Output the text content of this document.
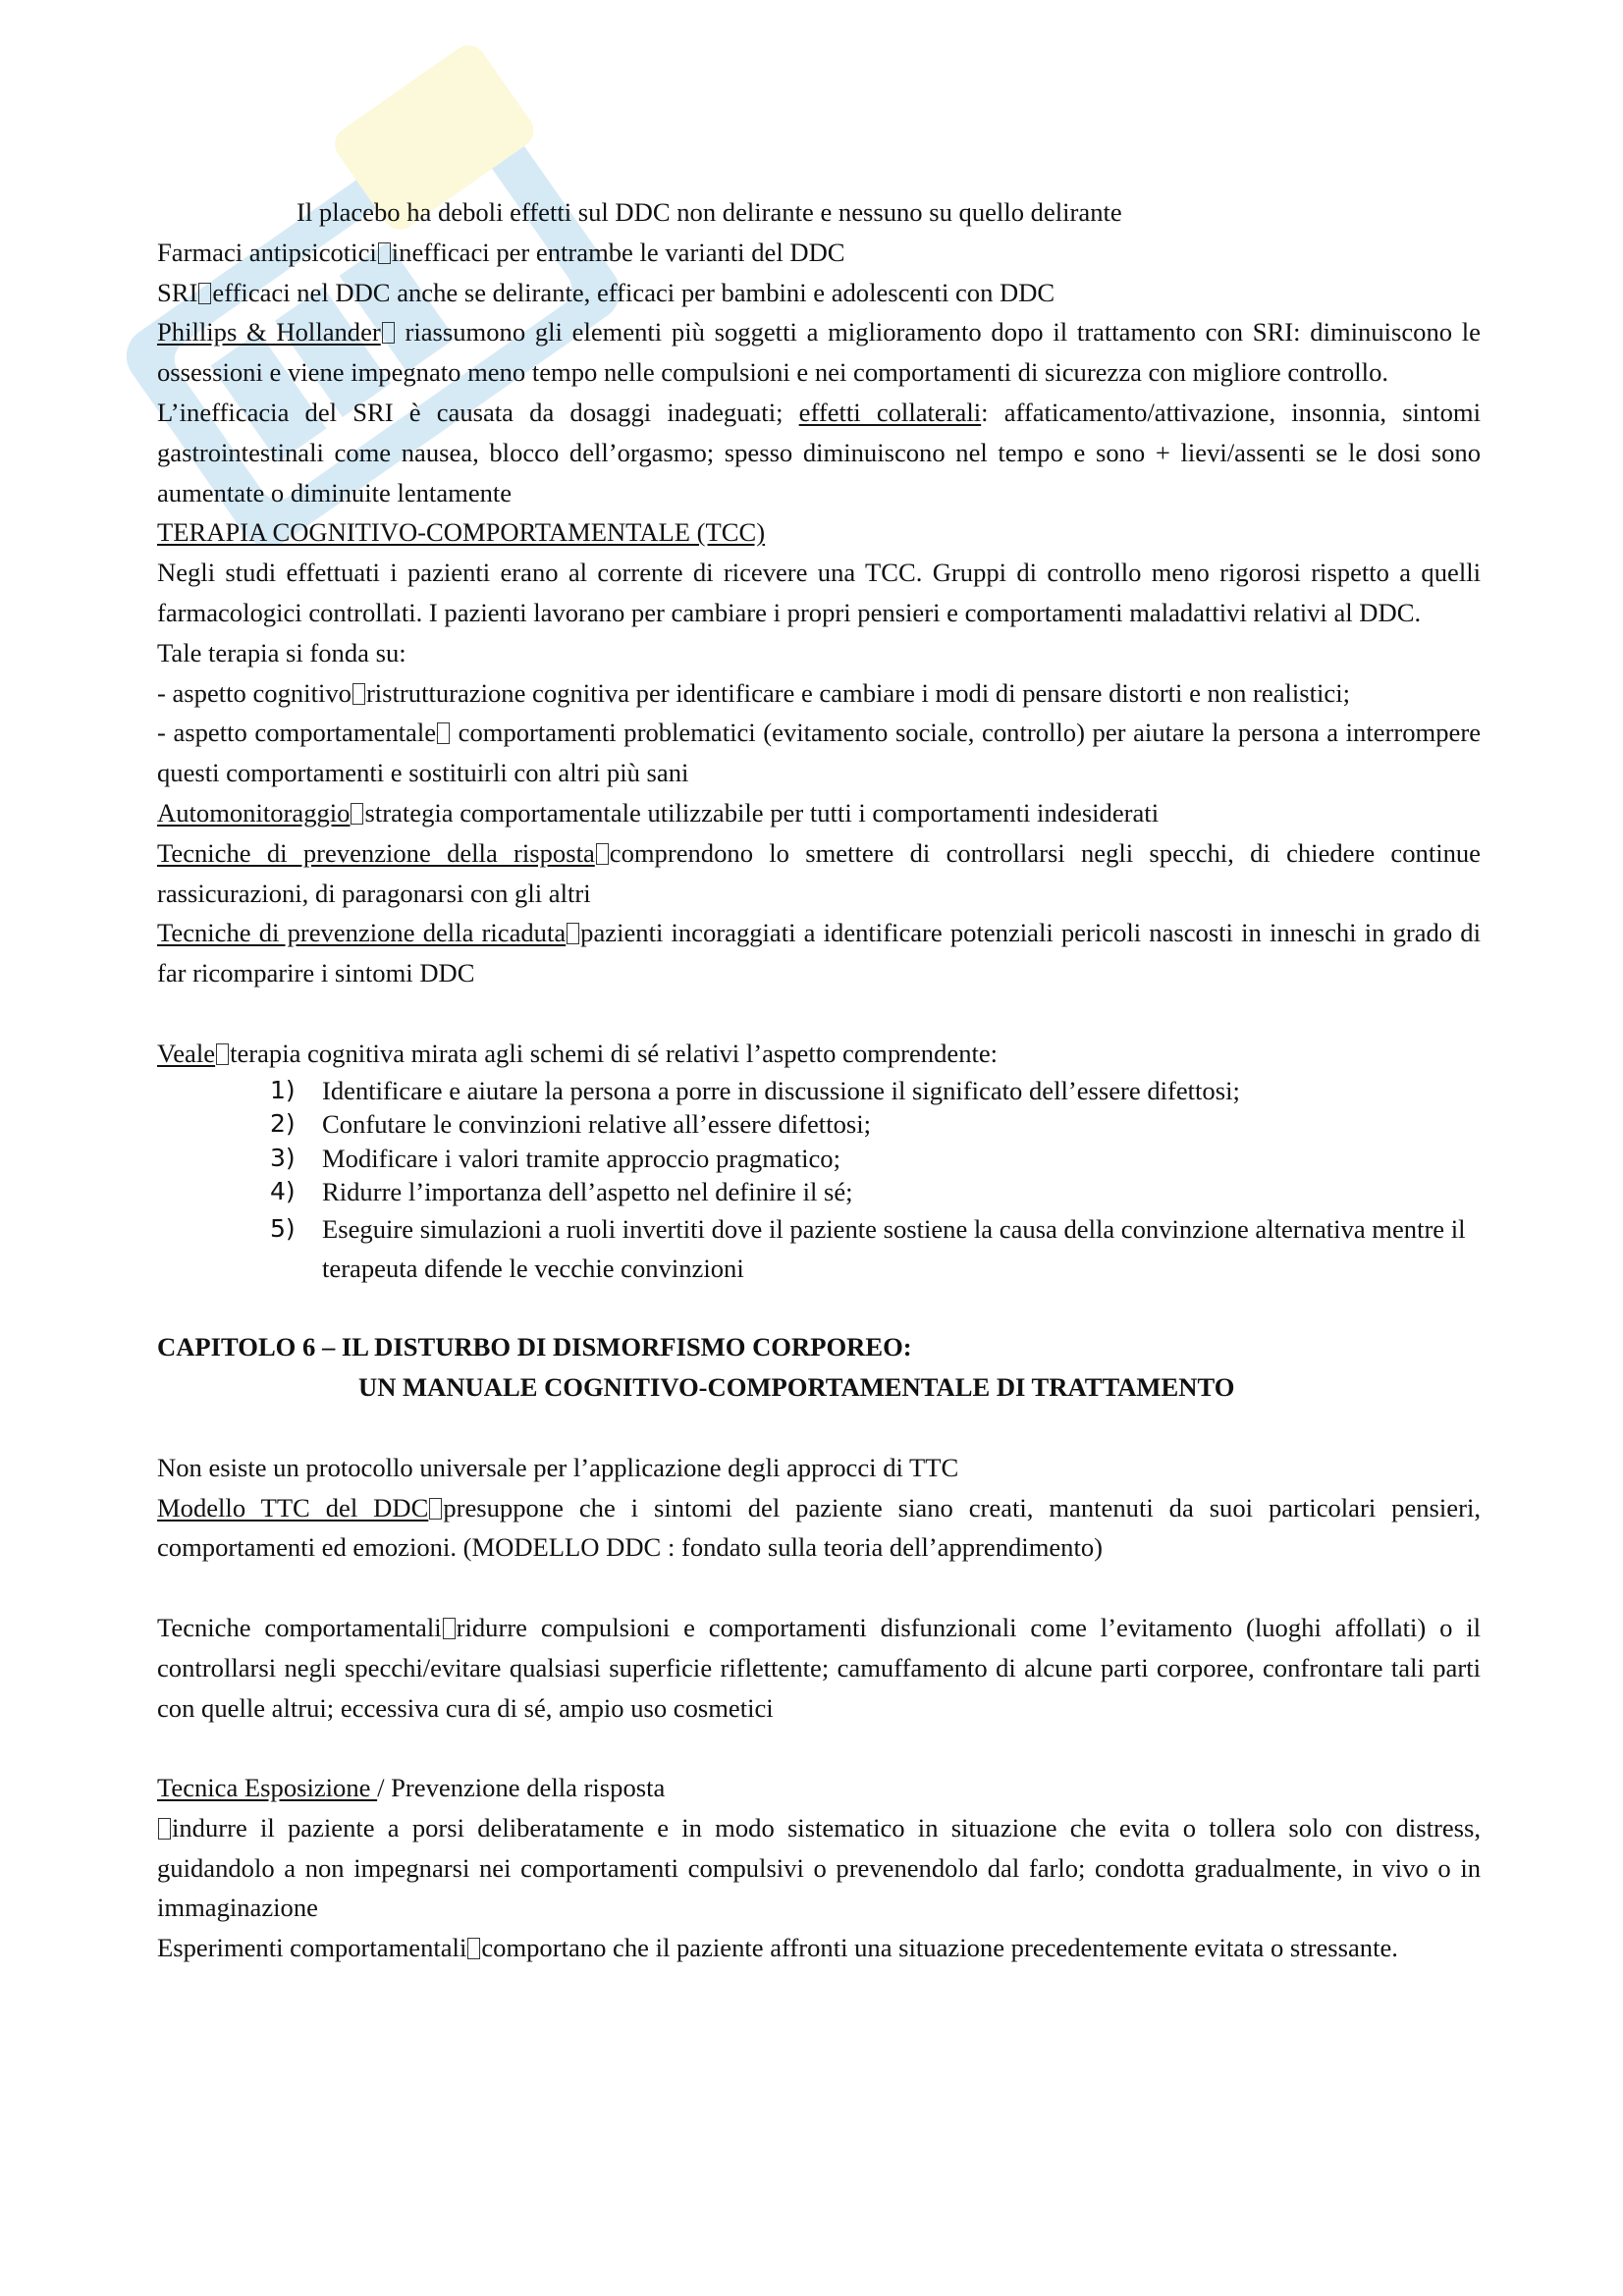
Il placebo ha deboli effetti sul DDC non delirante e nessuno su quello delirante

Farmaci antipsicotici inefficaci per entrambe le varianti del DDC

SRI efficaci nel DDC anche se delirante, efficaci per bambini e adolescenti con DDC

Phillips & Hollander riassumono gli elementi più soggetti a miglioramento dopo il trattamento con SRI: diminuiscono le ossessioni e viene impegnato meno tempo nelle compulsioni e nei comportamenti di sicurezza con migliore controllo.

L’inefficacia del SRI è causata da dosaggi inadeguati; effetti collaterali: affaticamento/attivazione, insonnia, sintomi gastrointestinali come nausea, blocco dell’orgasmo; spesso diminuiscono nel tempo e sono + lievi/assenti se le dosi sono aumentate o diminuite lentamente

TERAPIA COGNITIVO-COMPORTAMENTALE (TCC)

Negli studi effettuati i pazienti erano al corrente di ricevere una TCC. Gruppi di controllo meno rigorosi rispetto a quelli farmacologici controllati. I pazienti lavorano per cambiare i propri pensieri e comportamenti maladattivi relativi al DDC.

Tale terapia si fonda su:

- aspetto cognitivo ristrutturazione cognitiva per identificare e cambiare i modi di pensare distorti e non realistici;

- aspetto comportamentale comportamenti problematici (evitamento sociale, controllo) per aiutare la persona a interrompere questi comportamenti e sostituirli con altri più sani

Automonitoraggio strategia comportamentale utilizzabile per tutti i comportamenti indesiderati

Tecniche di prevenzione della risposta comprendono lo smettere di controllarsi negli specchi, di chiedere continue rassicurazioni, di paragonarsi con gli altri

Tecniche di prevenzione della ricaduta pazienti incoraggiati a identificare potenziali pericoli nascosti in inneschi in grado di far ricomparire i sintomi DDC

Veale terapia cognitiva mirata agli schemi di sé relativi l’aspetto comprendente:

1)	Identificare e aiutare la persona a porre in discussione il significato dell’essere difettosi;
2)	Confutare le convinzioni relative all’essere difettosi;
3)	Modificare i valori tramite approccio pragmatico;
4)	Ridurre l’importanza dell’aspetto nel definire il sé;
5)	Eseguire simulazioni a ruoli invertiti dove il paziente sostiene la causa della convinzione alternativa mentre il terapeuta difende le vecchie convinzioni

CAPITOLO 6 – IL DISTURBO DI DISMORFISMO CORPOREO:

UN MANUALE COGNITIVO-COMPORTAMENTALE DI TRATTAMENTO

Non esiste un protocollo universale per l’applicazione degli approcci di TTC

Modello TTC del DDC presuppone che i sintomi del paziente siano creati, mantenuti da suoi particolari pensieri, comportamenti ed emozioni. (MODELLO DDC : fondato sulla teoria dell’apprendimento)

Tecniche comportamentali ridurre compulsioni e comportamenti disfunzionali come l’evitamento (luoghi affollati) o il controllarsi negli specchi/evitare qualsiasi superficie riflettente; camuffamento di alcune parti corporee, confrontare tali parti con quelle altrui; eccessiva cura di sé, ampio uso cosmetici

Tecnica Esposizione / Prevenzione della risposta

indurre il paziente a porsi deliberatamente e in modo sistematico in situazione che evita o tollera solo con distress, guidandolo a non impegnarsi nei comportamenti compulsivi o prevenendolo dal farlo; condotta gradualmente, in vivo o in immaginazione

Esperimenti comportamentali comportano che il paziente affronti una situazione precedentemente evitata o stressante.
